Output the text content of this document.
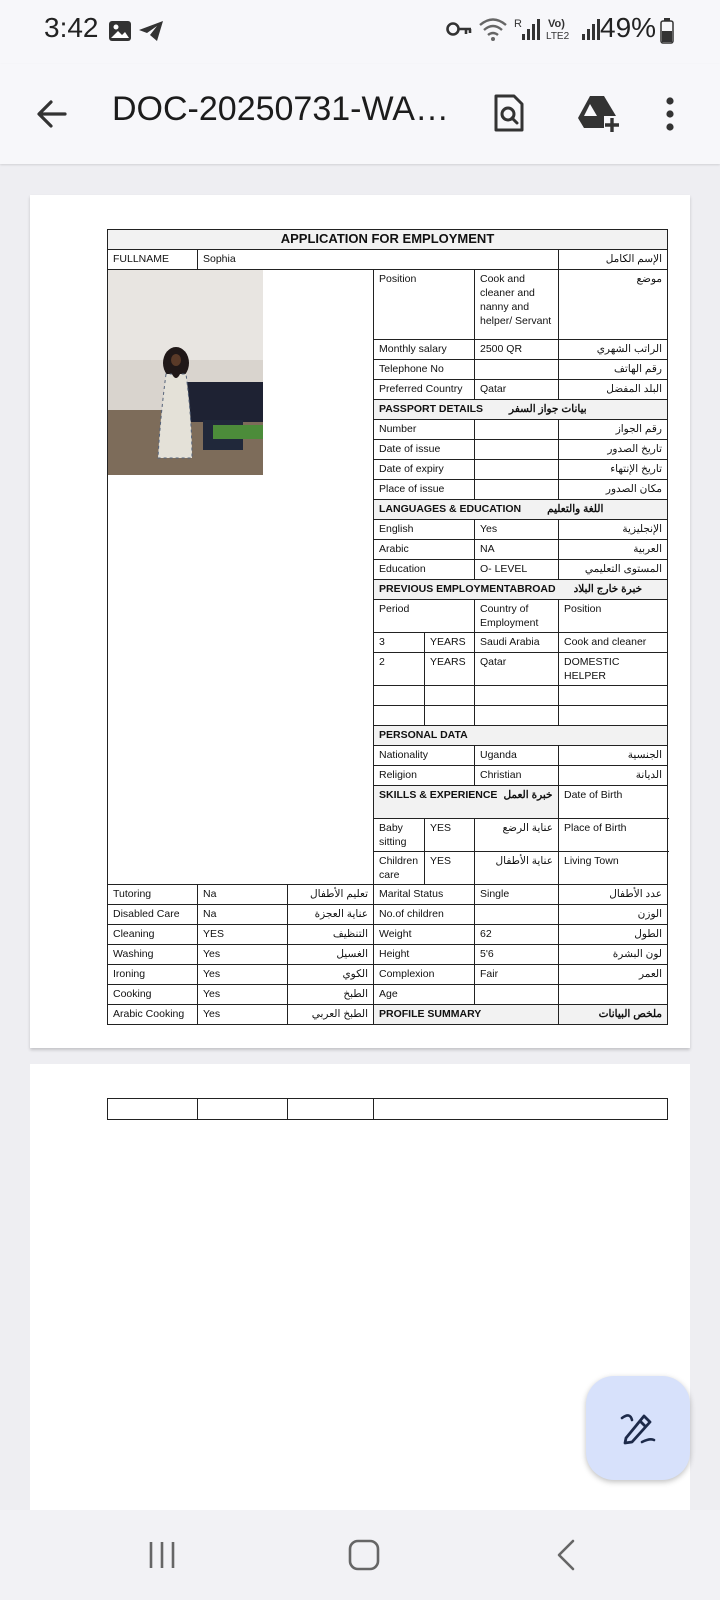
3:42	R Vo)
LTE2 49%
DOC-20250731-WA…
APPLICATION FOR EMPLOYMENT							
FULLNAME	Sophia					الإسم الكامل	

	Position		Cook and cleaner and nanny and helper/ Servant	موضع	
			Monthly salary		2500 QR	الراتب الشهري	
			Telephone No			رقم الهاتف	
			Preferred Country		Qatar	البلد المفضل	
			PASSPORT DETAILS بيانات جواز السفر				
			Number			رقم الجواز	
			Date of issue			تاريخ الصدور	
			Date of expiry			تاريخ الإنتهاء	
			Place of issue			مكان الصدور	
			LANGUAGES & EDUCATION اللغة والتعليم				
			English		Yes	الإنجليزية	
			Arabic		NA	العربية	
			Education		O- LEVEL	المستوى التعليمي	
			PREVIOUS EMPLOYMENTABROAD خبرة خارج البلاد				
			Period		Country of Employment	Position	
			3	YEARS	Saudi Arabia	Cook and cleaner	
			2	YEARS	Qatar	DOMESTIC HELPER	

			PERSONAL DATA				
			Nationality		Uganda	الجنسية	
			Religion		Christian	الديانة	
			SKILLS & EXPERIENCE خبرة العمل			Date of Birth		
			Baby sitting	YES	عناية الرضع	Place of Birth		
			Children care	YES	عناية الأطفال	Living Town		
Tutoring	Na	تعليم الأطفال	Marital Status		Single	عدد الأطفال	
Disabled Care	Na	عناية العجزة	No.of children			الوزن	
Cleaning	YES	التنظيف	Weight		62	الطول	
Washing	Yes	الغسيل	Height		5'6	لون البشرة	
Ironing	Yes	الكوي	Complexion		Fair	العمر	
Cooking	Yes	الطبخ	Age				
Arabic Cooking	Yes	الطبخ العربي	PROFILE SUMMARY			ملخص البيانات	
